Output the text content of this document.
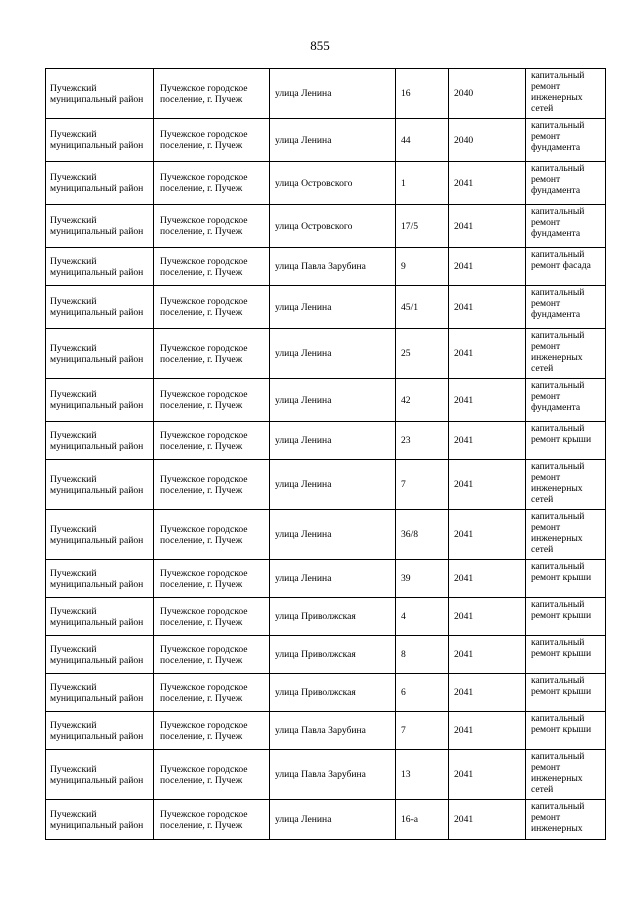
855
Пучежский муниципальный район	Пучежское городское поселение, г. Пучеж	улица Ленина	16	2040	капитальный ремонт инженерных сетей
Пучежский муниципальный район	Пучежское городское поселение, г. Пучеж	улица Ленина	44	2040	капитальный ремонт фундамента
Пучежский муниципальный район	Пучежское городское поселение, г. Пучеж	улица Островского	1	2041	капитальный ремонт фундамента
Пучежский муниципальный район	Пучежское городское поселение, г. Пучеж	улица Островского	17/5	2041	капитальный ремонт фундамента
Пучежский муниципальный район	Пучежское городское поселение, г. Пучеж	улица Павла Зарубина	9	2041	капитальный ремонт фасада
Пучежский муниципальный район	Пучежское городское поселение, г. Пучеж	улица Ленина	45/1	2041	капитальный ремонт фундамента
Пучежский муниципальный район	Пучежское городское поселение, г. Пучеж	улица Ленина	25	2041	капитальный ремонт инженерных сетей
Пучежский муниципальный район	Пучежское городское поселение, г. Пучеж	улица Ленина	42	2041	капитальный ремонт фундамента
Пучежский муниципальный район	Пучежское городское поселение, г. Пучеж	улица Ленина	23	2041	капитальный ремонт крыши
Пучежский муниципальный район	Пучежское городское поселение, г. Пучеж	улица Ленина	7	2041	капитальный ремонт инженерных сетей
Пучежский муниципальный район	Пучежское городское поселение, г. Пучеж	улица Ленина	36/8	2041	капитальный ремонт инженерных сетей
Пучежский муниципальный район	Пучежское городское поселение, г. Пучеж	улица Ленина	39	2041	капитальный ремонт крыши
Пучежский муниципальный район	Пучежское городское поселение, г. Пучеж	улица Приволжская	4	2041	капитальный ремонт крыши
Пучежский муниципальный район	Пучежское городское поселение, г. Пучеж	улица Приволжская	8	2041	капитальный ремонт крыши
Пучежский муниципальный район	Пучежское городское поселение, г. Пучеж	улица Приволжская	6	2041	капитальный ремонт крыши
Пучежский муниципальный район	Пучежское городское поселение, г. Пучеж	улица Павла Зарубина	7	2041	капитальный ремонт крыши
Пучежский муниципальный район	Пучежское городское поселение, г. Пучеж	улица Павла Зарубина	13	2041	капитальный ремонт инженерных сетей
Пучежский муниципальный район	Пучежское городское поселение, г. Пучеж	улица Ленина	16-а	2041	капитальный ремонт инженерных
